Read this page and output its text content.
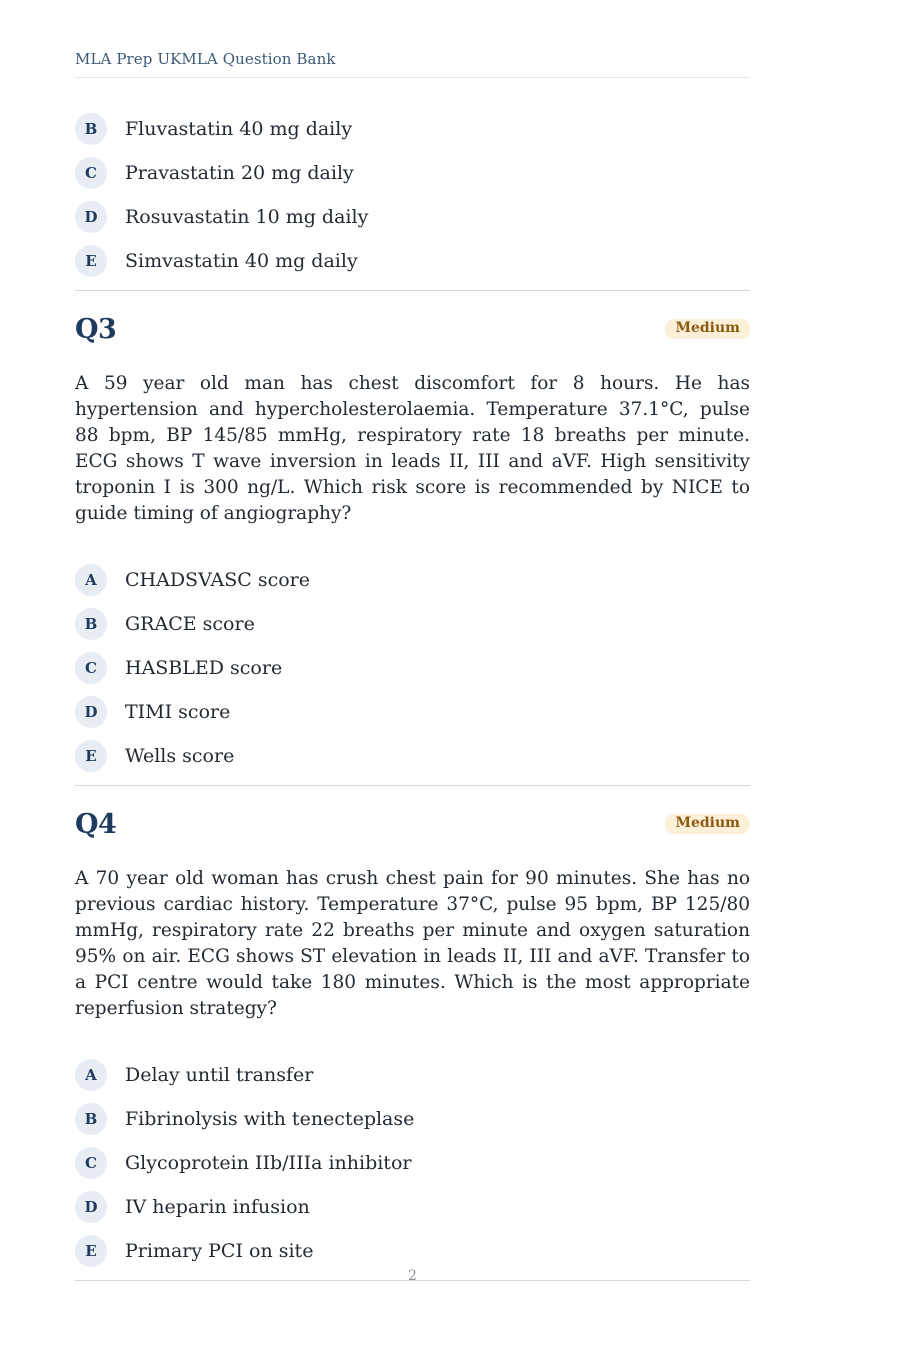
MLA Prep UKMLA Question Bank
B	Fluvastatin 40 mg daily
C	Pravastatin 20 mg daily
D	Rosuvastatin 10 mg daily
E	Simvastatin 40 mg daily
Q3	Medium
A 59 year old man has chest discomfort for 8 hours. He has hypertension and hypercholesterolaemia. Temperature 37.1°C, pulse 88 bpm, BP 145/85 mmHg, respiratory rate 18 breaths per minute. ECG shows T wave inversion in leads II, III and aVF. High sensitivity troponin I is 300 ng/L. Which risk score is recommended by NICE to guide timing of angiography?
A	CHADSVASC score
B	GRACE score
C	HASBLED score
D	TIMI score
E	Wells score
Q4	Medium
A 70 year old woman has crush chest pain for 90 minutes. She has no previous cardiac history. Temperature 37°C, pulse 95 bpm, BP 125/80 mmHg, respiratory rate 22 breaths per minute and oxygen saturation 95% on air. ECG shows ST elevation in leads II, III and aVF. Transfer to a PCI centre would take 180 minutes. Which is the most appropriate reperfusion strategy?
A	Delay until transfer
B	Fibrinolysis with tenecteplase
C	Glycoprotein IIb/IIIa inhibitor
D	IV heparin infusion
E	Primary PCI on site
2
